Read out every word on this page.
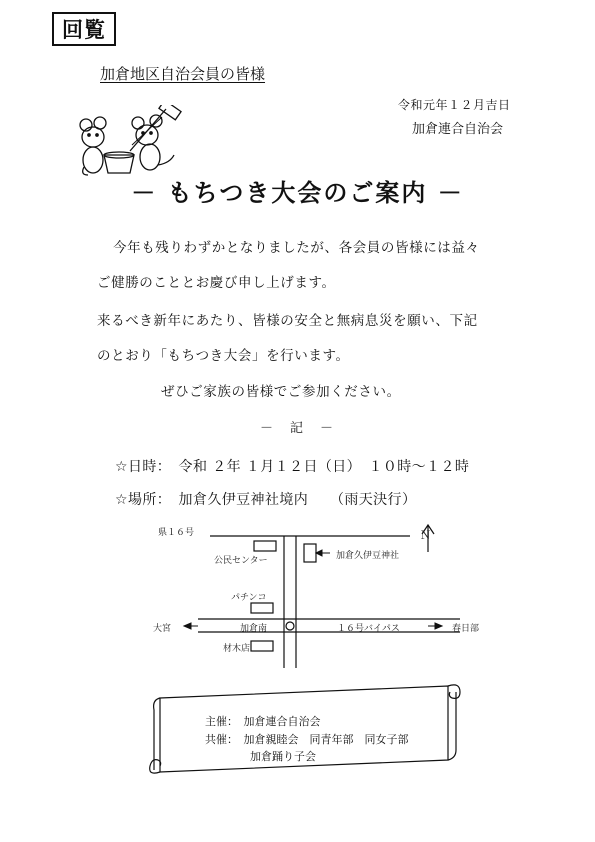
回覧
加倉地区自治会員の皆様
令和元年１２月吉日
加倉連合自治会
－ もちつき大会のご案内 －
今年も残りわずかとなりましたが、各会員の皆様には益々
ご健勝のこととお慶び申し上げます。
来るべき新年にあたり、皆様の安全と無病息災を願い、下記
のとおり「もちつき大会」を行います。
ぜひご家族の皆様でご参加ください。
－　記　－
☆日時：　令和 ２年 １月１２日（日）　１０時～１２時
☆場所：　加倉久伊豆神社境内　　（雨天決行）
県１６号
加倉久伊豆神社
Ｎ
公民センター
パチンコ
大宮	加倉南	１６号バイパス	春日部
材木店
主催：　加倉連合自治会
共催：　加倉親睦会　同青年部　同女子部
加倉踊り子会
